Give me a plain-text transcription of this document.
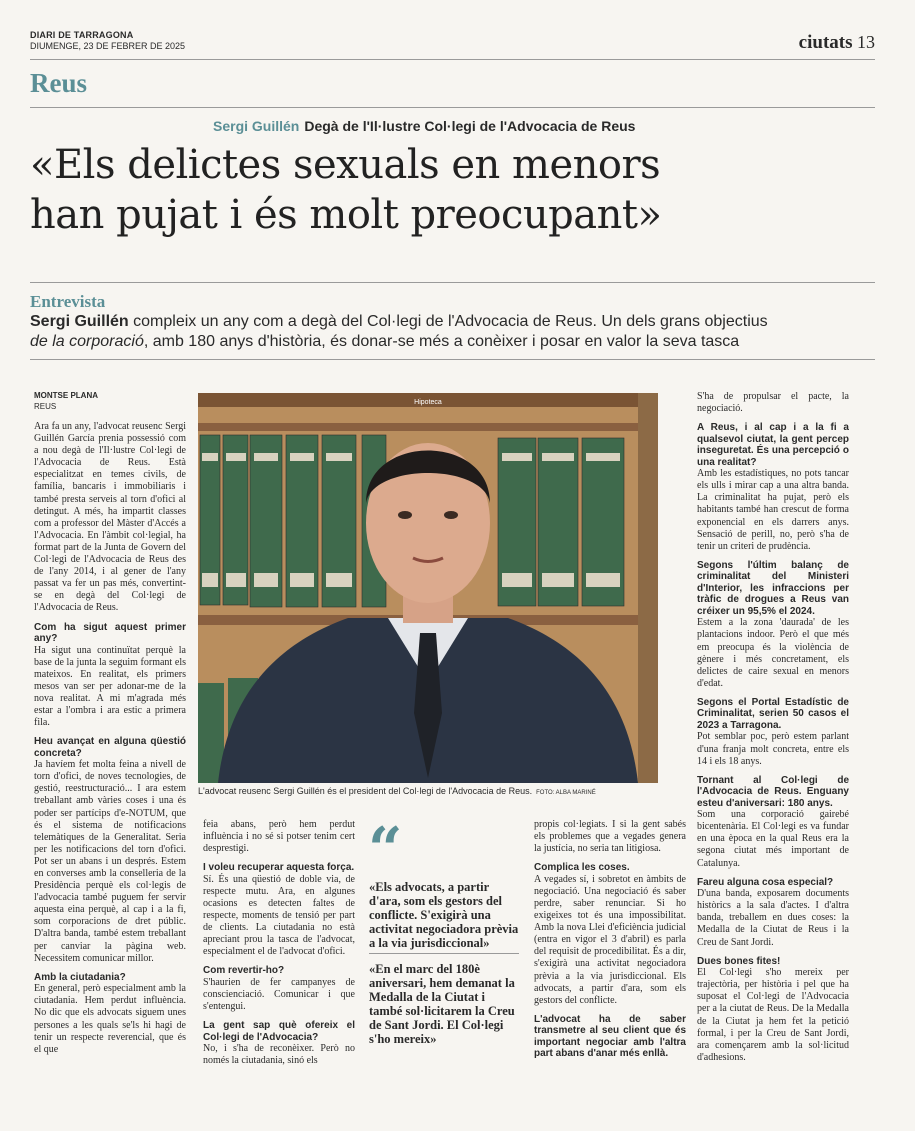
DIARI DE TARRAGONA
DIUMENGE, 23 DE FEBRER DE 2025	ciutats 13
Reus
Sergi Guillén Degà de l'Il·lustre Col·legi de l'Advocacia de Reus
«Els delictes sexuals en menors
han pujat i és molt preocupant»
Entrevista
Sergi Guillén compleix un any com a degà del Col·legi de l'Advocacia de Reus. Un dels grans objectius
de la corporació, amb 180 anys d'història, és donar-se més a conèixer i posar en valor la seva tasca
MONTSE PLANA
REUS

Ara fa un any, l'advocat reusenc Sergi Guillén García prenia possessió com a nou degà de l'Il·lustre Col·legi de l'Advocacia de Reus. Està especialitzat en temes civils, de família, bancaris i immobiliaris i també presta serveis al torn d'ofici al detingut. A més, ha impartit classes com a professor del Màster d'Accés a l'Advocacia. En l'àmbit col·legial, ha format part de la Junta de Govern del Col·legi de l'Advocacia de Reus des de l'any 2014, i al gener de l'any passat va fer un pas més, convertint-se en degà del Col·legi de l'Advocacia de Reus.

Com ha sigut aquest primer any?

Ha sigut una continuïtat perquè la base de la junta la seguim formant els mateixos. En realitat, els primers mesos van ser per adonar-me de la nova realitat. A mi m'agrada més estar a l'ombra i ara estic a primera fila.

Heu avançat en alguna qüestió concreta?

Ja havíem fet molta feina a nivell de torn d'ofici, de noves tecnologies, de gestió, reestructuració... I ara estem treballant amb vàries coses i una és poder ser partícips d'e-NOTUM, que és el sistema de notificacions telemàtiques de la Generalitat. Seria per les notificacions del torn d'ofici. Pot ser un abans i un després. Estem en converses amb la conselleria de la Presidència perquè els col·legis de l'advocacia també puguem fer servir aquesta eina perquè, al cap i a la fi, som corporacions de dret públic. D'altra banda, també estem treballant per canviar la pàgina web. Necessitem comunicar millor.

Amb la ciutadania?

En general, però especialment amb la ciutadania. Hem perdut influència. No dic que els advocats siguem unes persones a les quals se'ls hi hagi de tenir un respecte reverencial, que és el que

Hipoteca
L'advocat reusenc Sergi Guillén és el president del Col·legi de l'Advocacia de Reus. FOTO: ALBA MARINÉ

feia abans, però hem perdut influència i no sé si potser tenim cert desprestigi.

I voleu recuperar aquesta força.

Sí. És una qüestió de doble via, de respecte mutu. Ara, en algunes ocasions es detecten faltes de respecte, moments de tensió per part de clients. La ciutadania no està apreciant prou la tasca de l'advocat, especialment el de l'advocat d'ofici.

Com revertir-ho?

S'haurien de fer campanyes de conscienciació. Comunicar i que s'entengui.

La gent sap què ofereix el Col·legi de l'Advocacia?

No, i s'ha de reconèixer. Però no només la ciutadania, sinó els

“
«Els advocats, a partir d'ara, som els gestors del conflicte. S'exigirà una activitat negociadora prèvia a la via jurisdiccional»
«En el marc del 180è aniversari, hem demanat la Medalla de la Ciutat i també sol·licitarem la Creu de Sant Jordi. El Col·legi s'ho mereix»

propis col·legiats. I si la gent sabés els problemes que a vegades genera la justícia, no seria tan litigiosa.

Complica les coses.

A vegades sí, i sobretot en àmbits de negociació. Una negociació és saber perdre, saber renunciar. Si ho exigeixes tot és una impossibilitat. Amb la nova Llei d'eficiència judicial (entra en vigor el 3 d'abril) es parla del requisit de procedibilitat. És a dir, s'exigirà una activitat negociadora prèvia a la via jurisdiccional. Els advocats, a partir d'ara, som els gestors del conflicte.

L'advocat ha de saber transmetre al seu client que és important negociar amb l'altra part abans d'anar més enllà.

S'ha de propulsar el pacte, la negociació.

A Reus, i al cap i a la fi a qualsevol ciutat, la gent percep inseguretat. És una percepció o una realitat?

Amb les estadístiques, no pots tancar els ulls i mirar cap a una altra banda. La criminalitat ha pujat, però els habitants també han crescut de forma exponencial en els darrers anys. Sensació de perill, no, però s'ha de tenir un criteri de prudència.

Segons l'últim balanç de criminalitat del Ministeri d'Interior, les infraccions per tràfic de drogues a Reus van créixer un 95,5% el 2024.

Estem a la zona 'daurada' de les plantacions indoor. Però el que més em preocupa és la violència de gènere i més concretament, els delictes de caire sexual en menors d'edat.

Segons el Portal Estadístic de Criminalitat, serien 50 casos el 2023 a Tarragona.

Pot semblar poc, però estem parlant d'una franja molt concreta, entre els 14 i els 18 anys.

Tornant al Col·legi de l'Advocacia de Reus. Enguany esteu d'aniversari: 180 anys.

Som una corporació gairebé bicentenària. El Col·legi es va fundar en una època en la qual Reus era la segona ciutat més important de Catalunya.

Fareu alguna cosa especial?

D'una banda, exposarem documents històrics a la sala d'actes. I d'altra banda, treballem en dues coses: la Medalla de la Ciutat de Reus i la Creu de Sant Jordi.

Dues bones fites!

El Col·legi s'ho mereix per trajectòria, per història i pel que ha suposat el Col·legi de l'Advocacia per a la ciutat de Reus. De la Medalla de la Ciutat ja hem fet la petició formal, i per la Creu de Sant Jordi, ara començarem amb la sol·licitud d'adhesions.
